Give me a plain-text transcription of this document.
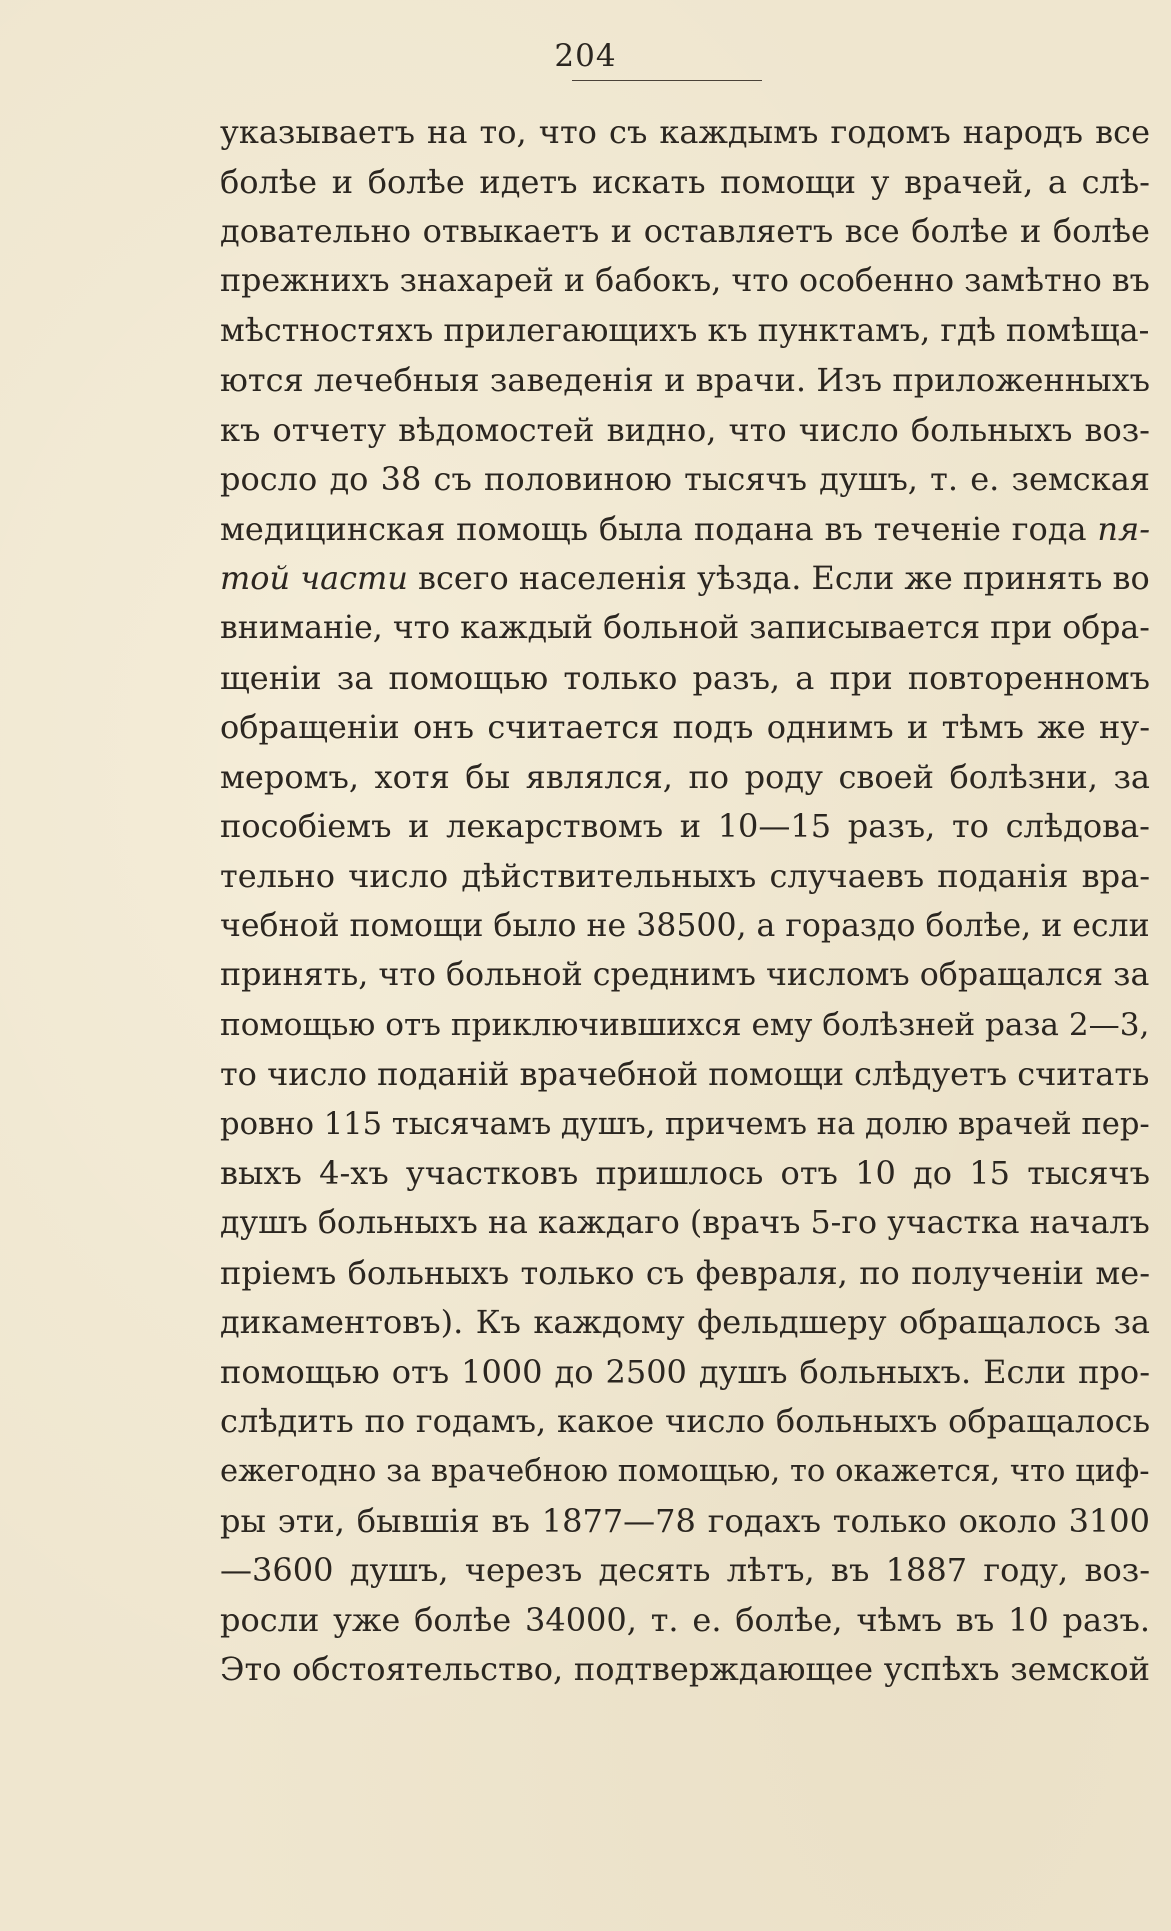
204
указываетъ на то, что съ каждымъ годомъ народъ все
болѣе и болѣе идетъ искать помощи у врачей, а слѣ-
довательно отвыкаетъ и оставляетъ все болѣе и болѣе
прежнихъ знахарей и бабокъ, что особенно замѣтно въ
мѣстностяхъ прилегающихъ къ пунктамъ, гдѣ помѣща-
ются лечебныя заведенія и врачи. Изъ приложенныхъ
къ отчету вѣдомостей видно, что число больныхъ воз-
росло до 38 съ половиною тысячъ душъ, т. е. земская
медицинская помощь была подана въ теченіе года пя-
той части всего населенія уѣзда. Если же принять во
вниманіе, что каждый больной записывается при обра-
щеніи за помощью только разъ, а при повторенномъ
обращеніи онъ считается подъ однимъ и тѣмъ же ну-
меромъ, хотя бы являлся, по роду своей болѣзни, за
пособіемъ и лекарствомъ и 10—15 разъ, то слѣдова-
тельно число дѣйствительныхъ случаевъ поданія вра-
чебной помощи было не 38500, а гораздо болѣе, и если
принять, что больной среднимъ числомъ обращался за
помощью отъ приключившихся ему болѣзней раза 2—3,
то число поданій врачебной помощи слѣдуетъ считать
ровно 115 тысячамъ душъ, причемъ на долю врачей пер-
выхъ 4-хъ участковъ пришлось отъ 10 до 15 тысячъ
душъ больныхъ на каждаго (врачъ 5-го участка началъ
пріемъ больныхъ только съ февраля, по полученіи ме-
дикаментовъ). Къ каждому фельдшеру обращалось за
помощью отъ 1000 до 2500 душъ больныхъ. Если про-
слѣдить по годамъ, какое число больныхъ обращалось
ежегодно за врачебною помощью, то окажется, что циф-
ры эти, бывшія въ 1877—78 годахъ только около 3100
—3600 душъ, черезъ десять лѣтъ, въ 1887 году, воз-
росли уже болѣе 34000, т. е. болѣе, чѣмъ въ 10 разъ.
Это обстоятельство, подтверждающее успѣхъ земской
